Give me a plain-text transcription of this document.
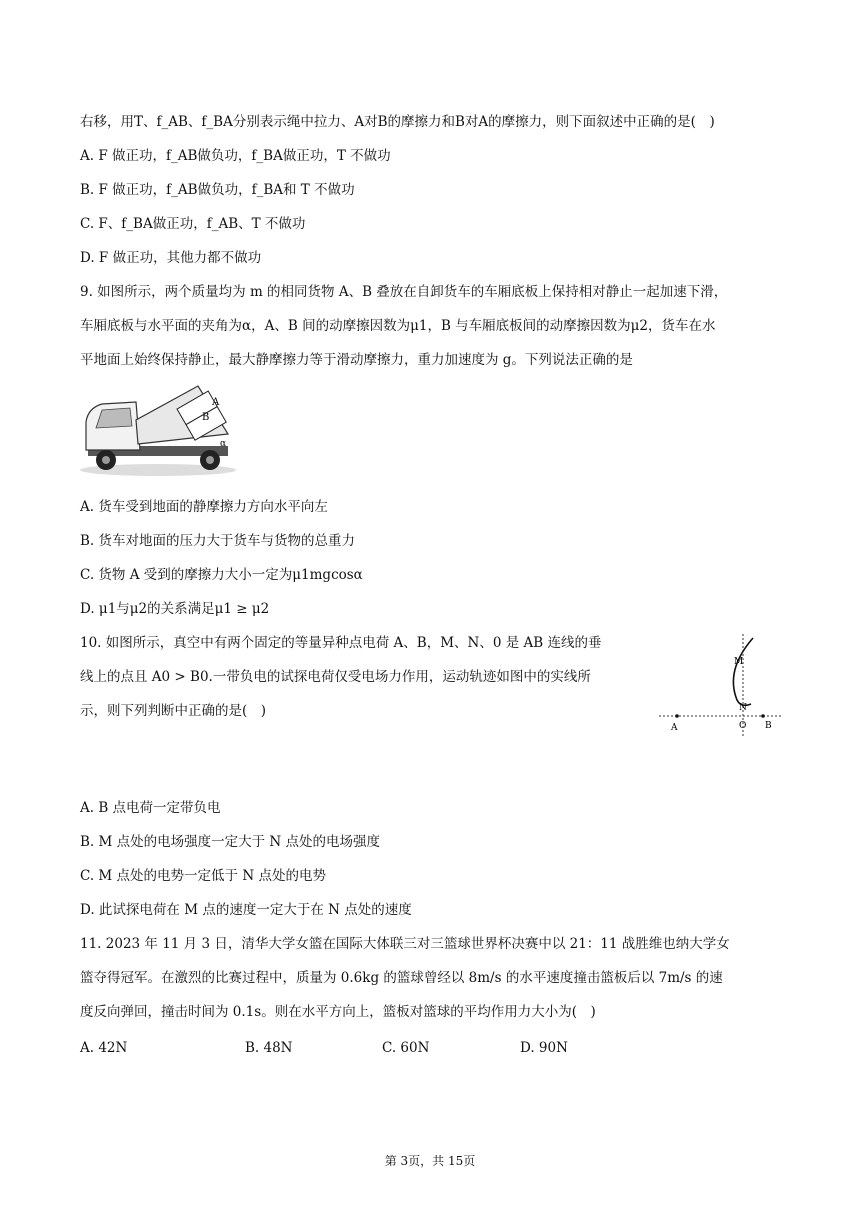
右移，用T、f_AB、f_BA分别表示绳中拉力、A对B的摩擦力和B对A的摩擦力，则下面叙述中正确的是(　)
A. F 做正功，f_AB做负功，f_BA做正功，T 不做功
B. F 做正功，f_AB做负功，f_BA和 T 不做功
C. F、f_BA做正功，f_AB、T 不做功
D. F 做正功，其他力都不做功
9. 如图所示，两个质量均为 m 的相同货物 A、B 叠放在自卸货车的车厢底板上保持相对静止一起加速下滑，
车厢底板与水平面的夹角为α，A、B 间的动摩擦因数为μ1，B 与车厢底板间的动摩擦因数为μ2，货车在水
平地面上始终保持静止，最大静摩擦力等于滑动摩擦力，重力加速度为 g。下列说法正确的是
A
B
α
A. 货车受到地面的静摩擦力方向水平向左
B. 货车对地面的压力大于货车与货物的总重力
C. 货物 A 受到的摩擦力大小一定为μ1mgcosα
D. μ1与μ2的关系满足μ1 ≥ μ2
10. 如图所示，真空中有两个固定的等量异种点电荷 A、B，M、N、0 是 AB 连线的垂
线上的点且 A0 > B0.一带负电的试探电荷仅受电场力作用，运动轨迹如图中的实线所
示，则下列判断中正确的是(　)
M
N
A	O B
A. B 点电荷一定带负电
B. M 点处的电场强度一定大于 N 点处的电场强度
C. M 点处的电势一定低于 N 点处的电势
D. 此试探电荷在 M 点的速度一定大于在 N 点处的速度
11. 2023 年 11 月 3 日，清华大学女篮在国际大体联三对三篮球世界杯决赛中以 21：11 战胜维也纳大学女
篮夺得冠军。在激烈的比赛过程中，质量为 0.6kg 的篮球曾经以 8m/s 的水平速度撞击篮板后以 7m/s 的速
度反向弹回，撞击时间为 0.1s。则在水平方向上，篮板对篮球的平均作用力大小为(　)
A. 42N	B. 48N	C. 60N	D. 90N
第 3页，共 15页
